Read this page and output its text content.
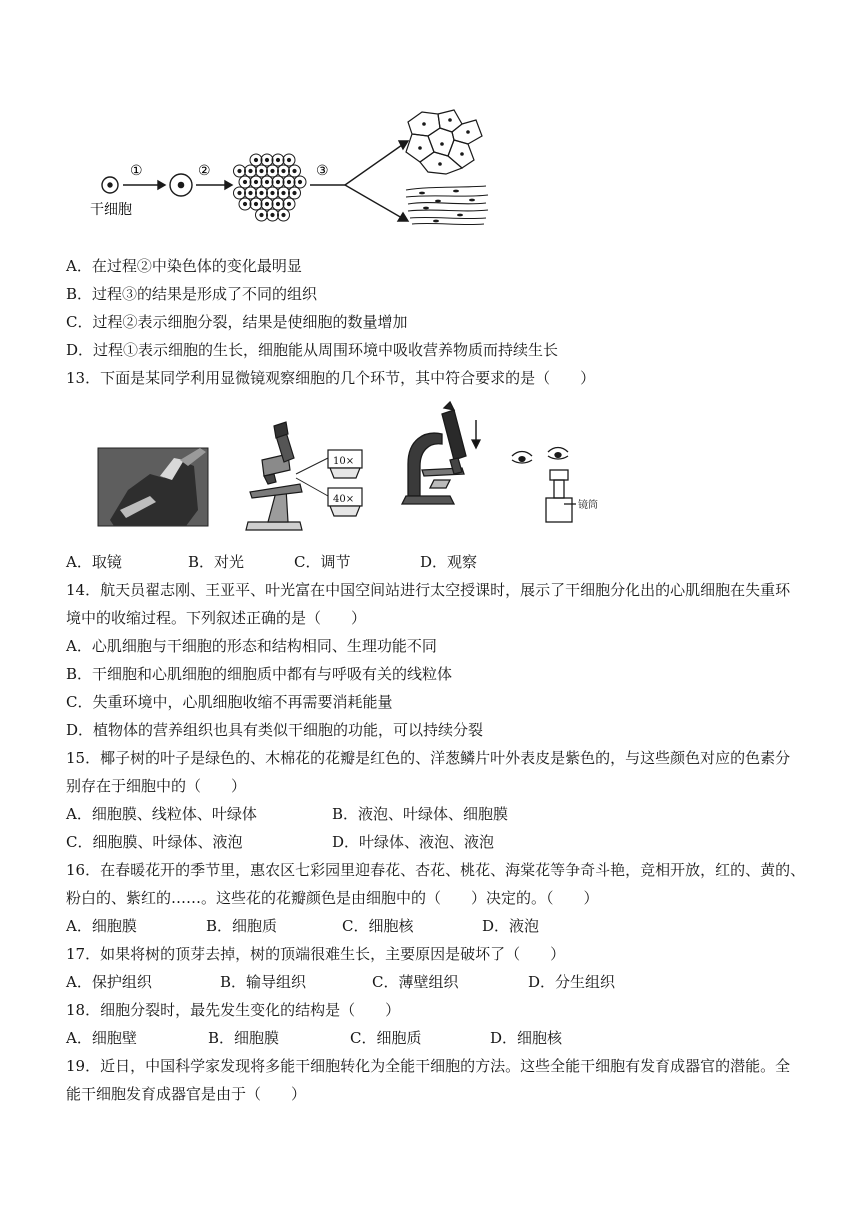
①	②	③
干细胞
A．在过程②中染色体的变化最明显
B．过程③的结果是形成了不同的组织
C．过程②表示细胞分裂，结果是使细胞的数量增加
D．过程①表示细胞的生长，细胞能从周围环境中吸收营养物质而持续生长
13．下面是某同学利用显微镜观察细胞的几个环节，其中符合要求的是（　　）
10×
40×
镜筒
A．取镜	B．对光	C．调节	D．观察
14．航天员翟志刚、王亚平、叶光富在中国空间站进行太空授课时，展示了干细胞分化出的心肌细胞在失重环
境中的收缩过程。下列叙述正确的是（　　）
A．心肌细胞与干细胞的形态和结构相同、生理功能不同
B．干细胞和心肌细胞的细胞质中都有与呼吸有关的线粒体
C．失重环境中，心肌细胞收缩不再需要消耗能量
D．植物体的营养组织也具有类似干细胞的功能，可以持续分裂
15．椰子树的叶子是绿色的、木棉花的花瓣是红色的、洋葱鳞片叶外表皮是紫色的，与这些颜色对应的色素分
别存在于细胞中的（　　）
A．细胞膜、线粒体、叶绿体	B．液泡、叶绿体、细胞膜
C．细胞膜、叶绿体、液泡	D．叶绿体、液泡、液泡
16．在春暖花开的季节里，惠农区七彩园里迎春花、杏花、桃花、海棠花等争奇斗艳，竞相开放，红的、黄的、
粉白的、紫红的……。这些花的花瓣颜色是由细胞中的（　　）决定的。（　　）
A．细胞膜	B．细胞质	C．细胞核	D．液泡
17．如果将树的顶芽去掉，树的顶端很难生长，主要原因是破坏了（　　）
A．保护组织	B．输导组织	C．薄壁组织	D．分生组织
18．细胞分裂时，最先发生变化的结构是（　　）
A．细胞壁	B．细胞膜	C．细胞质	D．细胞核
19．近日，中国科学家发现将多能干细胞转化为全能干细胞的方法。这些全能干细胞有发育成器官的潜能。全
能干细胞发育成器官是由于（　　）
